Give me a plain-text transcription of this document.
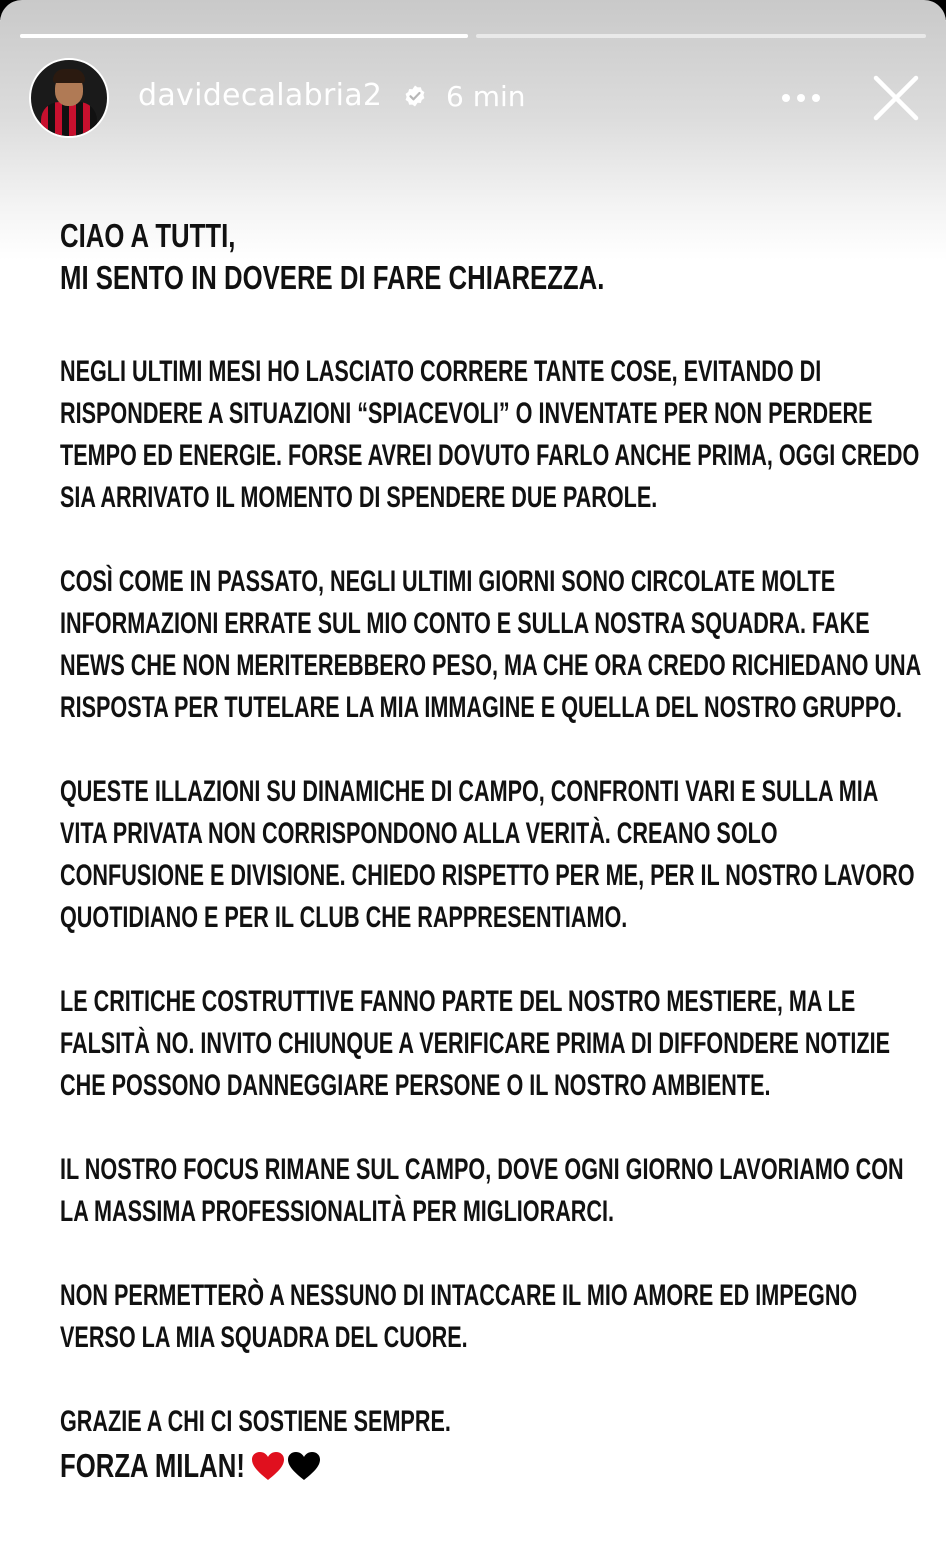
davidecalabria2 6 min
CIAO A TUTTI,
MI SENTO IN DOVERE DI FARE CHIAREZZA.
NEGLI ULTIMI MESI HO LASCIATO CORRERE TANTE COSE, EVITANDO DI
RISPONDERE A SITUAZIONI “SPIACEVOLI” O INVENTATE PER NON PERDERE
TEMPO ED ENERGIE. FORSE AVREI DOVUTO FARLO ANCHE PRIMA, OGGI CREDO
SIA ARRIVATO IL MOMENTO DI SPENDERE DUE PAROLE.
COSÌ COME IN PASSATO, NEGLI ULTIMI GIORNI SONO CIRCOLATE MOLTE
INFORMAZIONI ERRATE SUL MIO CONTO E SULLA NOSTRA SQUADRA. FAKE
NEWS CHE NON MERITEREBBERO PESO, MA CHE ORA CREDO RICHIEDANO UNA
RISPOSTA PER TUTELARE LA MIA IMMAGINE E QUELLA DEL NOSTRO GRUPPO.
QUESTE ILLAZIONI SU DINAMICHE DI CAMPO, CONFRONTI VARI E SULLA MIA
VITA PRIVATA NON CORRISPONDONO ALLA VERITÀ. CREANO SOLO
CONFUSIONE E DIVISIONE. CHIEDO RISPETTO PER ME, PER IL NOSTRO LAVORO
QUOTIDIANO E PER IL CLUB CHE RAPPRESENTIAMO.
LE CRITICHE COSTRUTTIVE FANNO PARTE DEL NOSTRO MESTIERE, MA LE
FALSITÀ NO. INVITO CHIUNQUE A VERIFICARE PRIMA DI DIFFONDERE NOTIZIE
CHE POSSONO DANNEGGIARE PERSONE O IL NOSTRO AMBIENTE.
IL NOSTRO FOCUS RIMANE SUL CAMPO, DOVE OGNI GIORNO LAVORIAMO CON
LA MASSIMA PROFESSIONALITÀ PER MIGLIORARCI.
NON PERMETTERÒ A NESSUNO DI INTACCARE IL MIO AMORE ED IMPEGNO
VERSO LA MIA SQUADRA DEL CUORE.
GRAZIE A CHI CI SOSTIENE SEMPRE.
FORZA MILAN!
